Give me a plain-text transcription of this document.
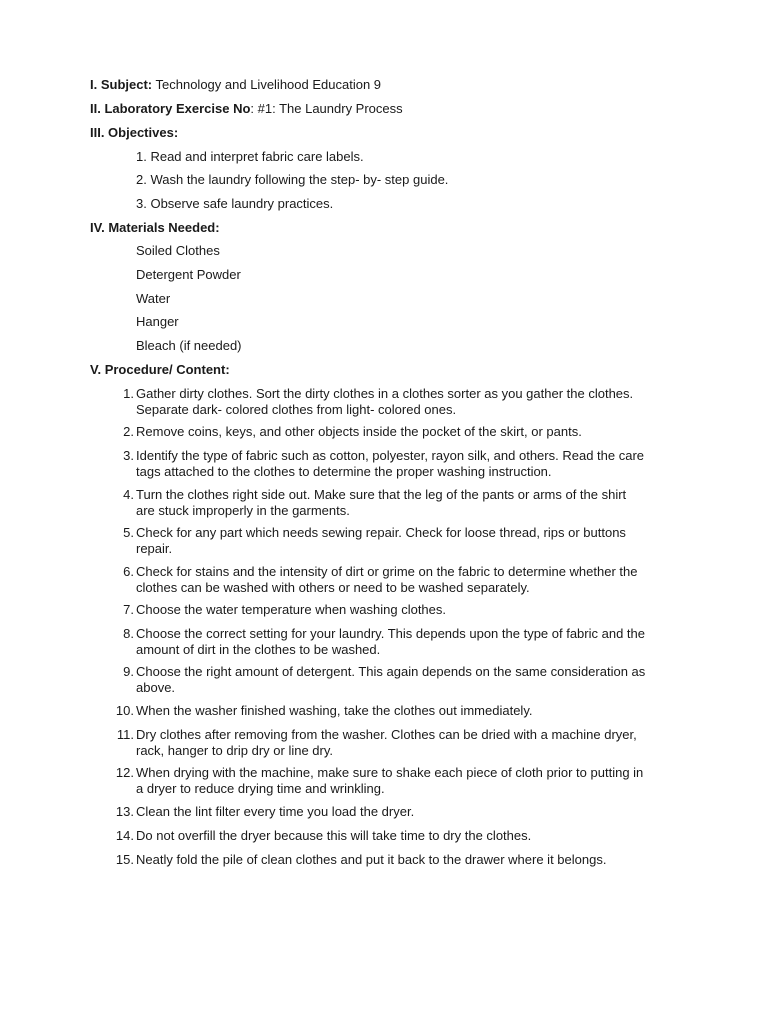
I. Subject: Technology and Livelihood Education 9
II. Laboratory Exercise No: #1: The Laundry Process
III. Objectives:
1. Read and interpret fabric care labels.
2. Wash the laundry following the step- by- step guide.
3. Observe safe laundry practices.
IV. Materials Needed:
Soiled Clothes
Detergent Powder
Water
Hanger
Bleach (if needed)
V. Procedure/ Content:
1. Gather dirty clothes. Sort the dirty clothes in a clothes sorter as you gather the clothes.
Separate dark- colored clothes from light- colored ones.
2. Remove coins, keys, and other objects inside the pocket of the skirt, or pants.
3. Identify the type of fabric such as cotton, polyester, rayon silk, and others. Read the care
tags attached to the clothes to determine the proper washing instruction.
4. Turn the clothes right side out. Make sure that the leg of the pants or arms of the shirt
are stuck improperly in the garments.
5. Check for any part which needs sewing repair. Check for loose thread, rips or buttons
repair.
6. Check for stains and the intensity of dirt or grime on the fabric to determine whether the
clothes can be washed with others or need to be washed separately.
7. Choose the water temperature when washing clothes.
8. Choose the correct setting for your laundry. This depends upon the type of fabric and the
amount of dirt in the clothes to be washed.
9. Choose the right amount of detergent. This again depends on the same consideration as
above.
10. When the washer finished washing, take the clothes out immediately.
11. Dry clothes after removing from the washer. Clothes can be dried with a machine dryer,
rack, hanger to drip dry or line dry.
12. When drying with the machine, make sure to shake each piece of cloth prior to putting in
a dryer to reduce drying time and wrinkling.
13. Clean the lint filter every time you load the dryer.
14. Do not overfill the dryer because this will take time to dry the clothes.
15. Neatly fold the pile of clean clothes and put it back to the drawer where it belongs.
